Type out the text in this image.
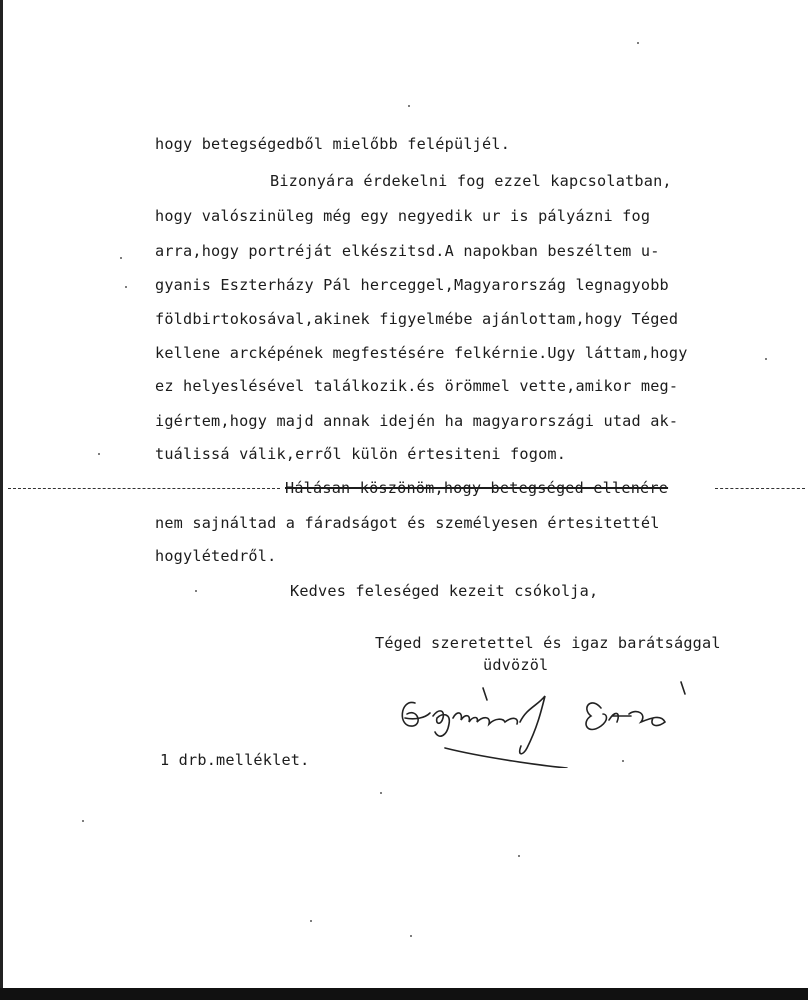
hogy betegségedből mielőbb felépüljél.
Bizonyára érdekelni fog ezzel kapcsolatban,
hogy valószinüleg még egy negyedik ur is pályázni fog
arra,hogy portréját elkészitsd.A napokban beszéltem u-
gyanis Eszterházy Pál herceggel,Magyarország legnagyobb
földbirtokosával,akinek figyelmébe ajánlottam,hogy Téged
kellene arcképének megfestésére felkérnie.Ugy láttam,hogy
ez helyeslésével találkozik.és örömmel vette,amikor meg-
igértem,hogy majd annak idején ha magyarországi utad ak-
tuálissá válik,erről külön értesiteni fogom.
Hálásan köszönöm,hogy betegséged ellenére
nem sajnáltad a fáradságot és személyesen értesitettél
hogylétedről.
Kedves feleséged kezeit csókolja,
Téged szeretettel és igaz barátsággal
üdvözöl
1 drb.melléklet.
